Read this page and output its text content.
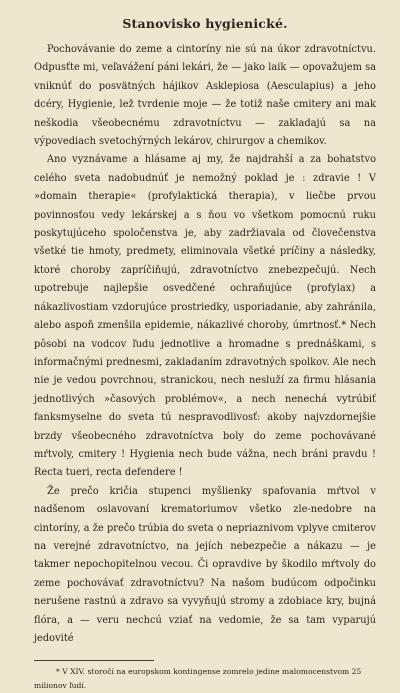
Stanovisko hygienické.

Pochovávanie do zeme a cintoríny nie sú na úkor zdravotníctvu. Odpusťte mi, veľavážení páni lekári, že — jako laik — opovažujem sa vniknúť do posvätných hájikov Asklepiosa (Aesculapius) a jeho dcéry, Hygienie, lež tvrdenie moje — že totiž naše cmitery ani mak neškodia všeobecnému zdravotníctvu — zakladajú sa na výpovediach svetochýrných lekárov, chirurgov a chemikov.

Ano vyznávame a hlásame aj my, že najdrahší a za bohatstvo celého sveta nadobudnúť je nemožný poklad je : zdravie ! V »domain therapie« (profylaktická therapia), v liečbe prvou povinnosťou vedy lekárskej a s ňou vo všetkom pomocnú ruku poskytujúceho spoločenstva je, aby zadržiavala od človečenstva všetké tie hmoty, predmety, eliminovala všetké príčiny a následky, ktoré choroby zapríčiňujú, zdravotníctvo znebezpečujú. Nech upotrebuje najlepšie osvedčené ochraňujúce (profylax) a nákazlivostiam vzdorujúce prostriedky, usporiadanie, aby zahránila, alebo aspoň zmenšila epidemie, nákazlivé choroby, úmrtnosť.* Nech pôsobi na vodcov ľudu jednotlive a hromadne s prednáškami, s informačnými prednesmi, zakladaním zdravotných spolkov. Ale nech nie je vedou povrchnou, stranickou, nech nesluží za firmu hlásania jednotlivých »časových problémov«, a nech nenechá vytrúbiť fanksmyselne do sveta tú nespravodlivosť: akoby najvzdornejšie brzdy všeobecného zdravotníctva boly do zeme pochovávané mŕtvoly, cmitery ! Hygienia nech bude vážna, nech bráni pravdu ! Recta tueri, recta defendere !

Že prečo kričia stupenci myšlienky spafovania mŕtvol v nadšenom oslavovaní krematoriumov všetko zle-nedobre na cintoríny, a že prečo trúbia do sveta o nepriaznivom vplyve cmiterov na verejné zdravotníctvo, na jejích nebezpečie a nákazu — je takmer nepochopitelnou vecou. Či opravdive by škodilo mŕtvoly do zeme pochovávať zdravotníctvu? Na našom budúcom odpočinku nerušene rastnú a zdravo sa vyvyňujú stromy a zdobiace kry, bujná flóra, a — veru nechcú vziať na vedomie, že sa tam vyparujú jedovité

* V XIV. storočí na europskom kontingense zomrelo jedine malomocenstvom 25 milionov ľudí.
